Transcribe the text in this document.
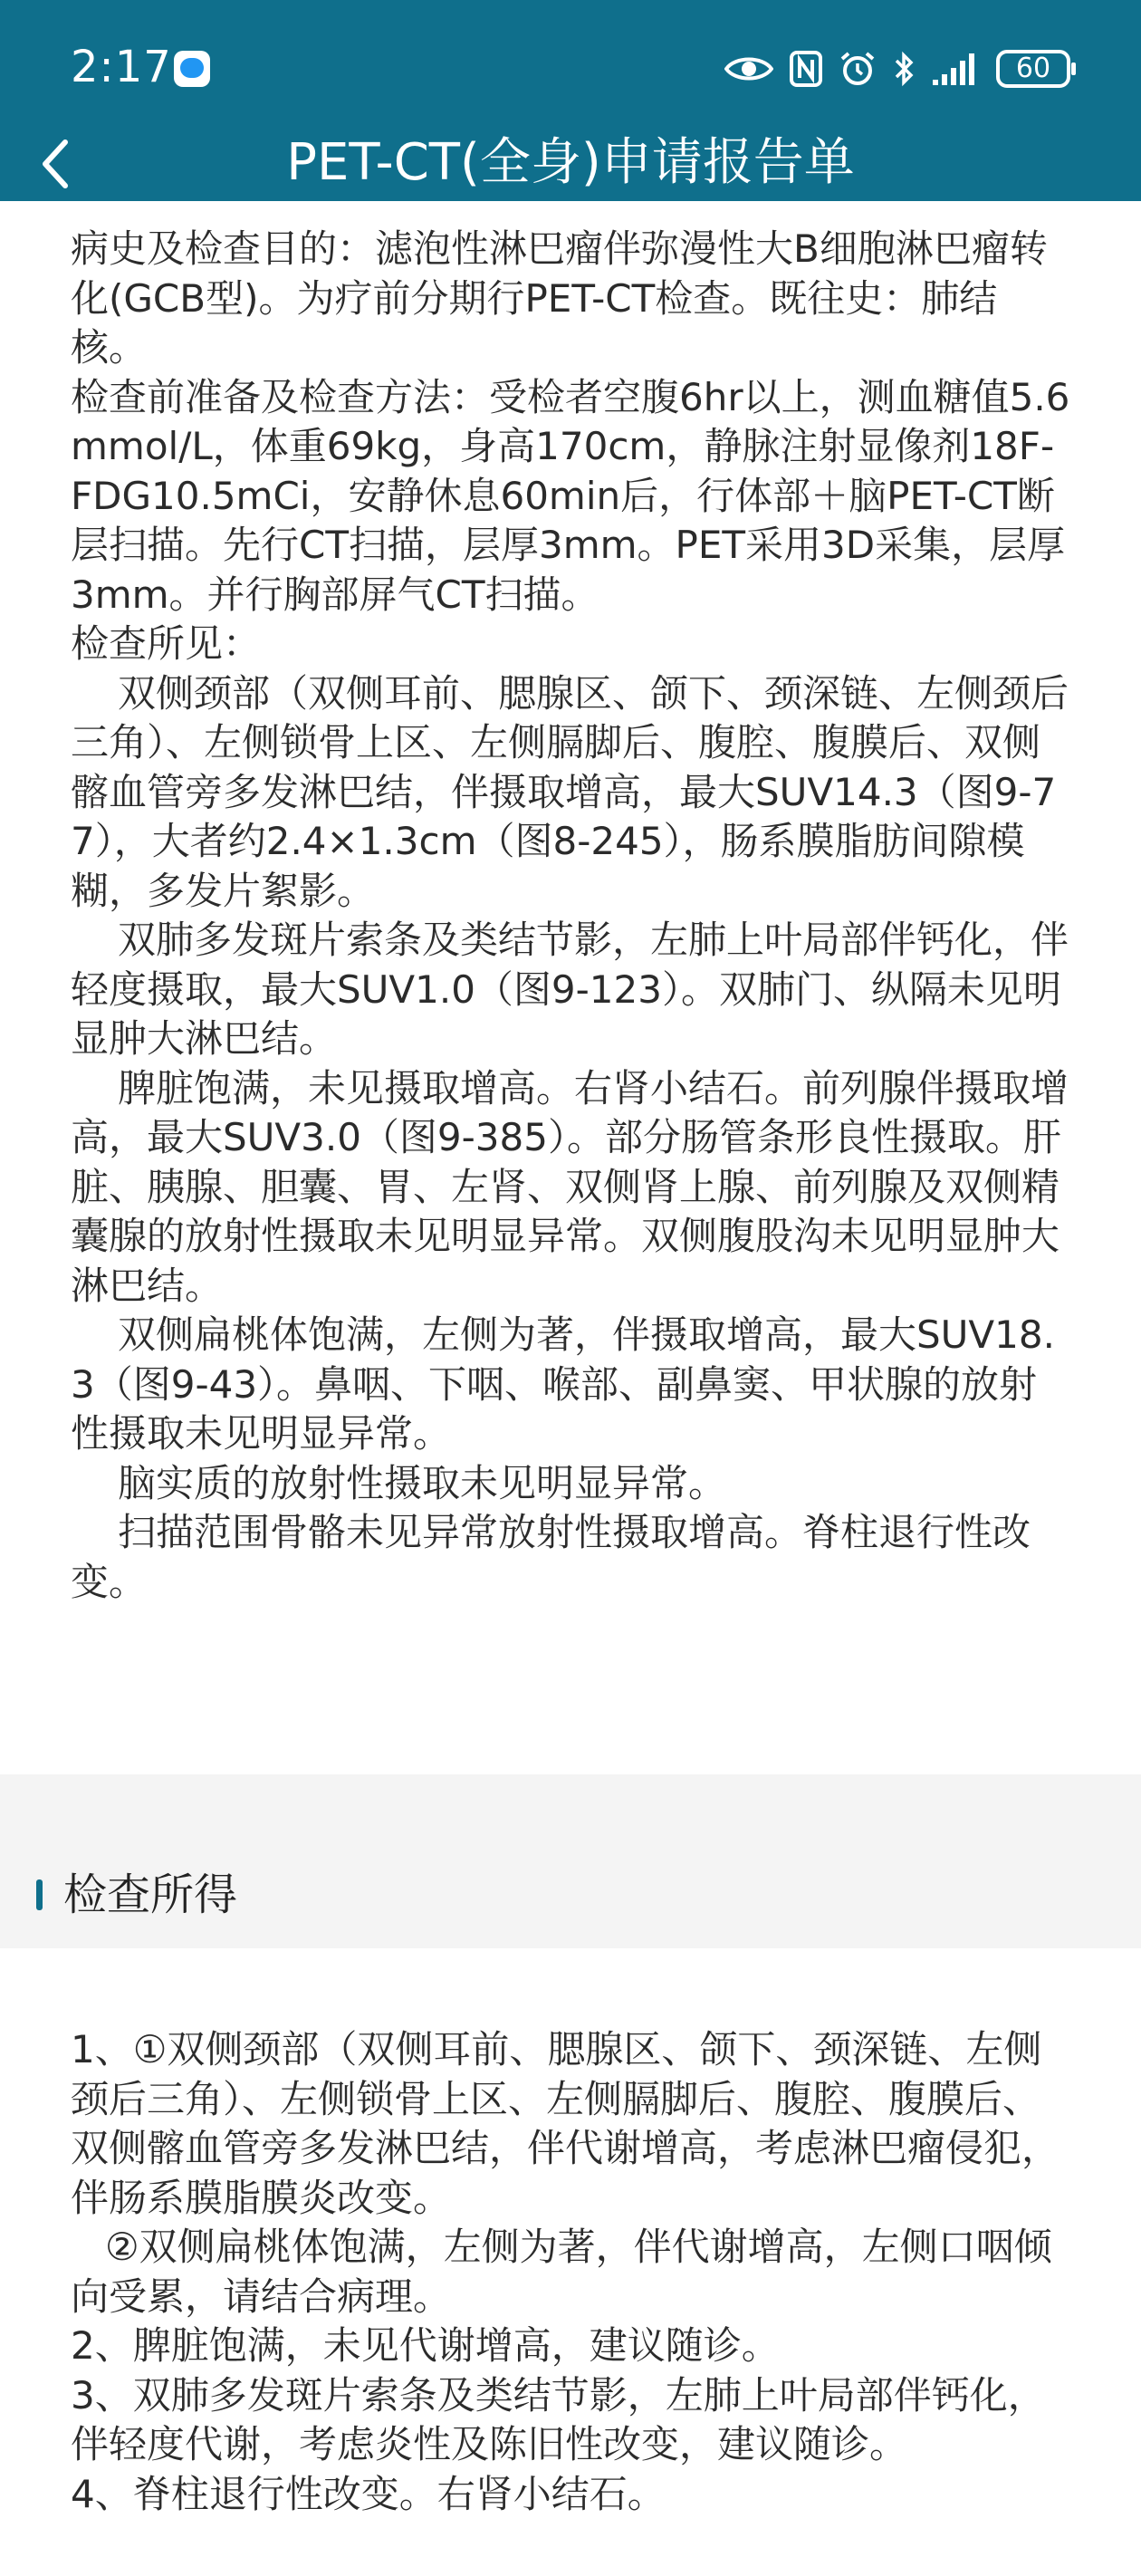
2:17	60
PET-CT(全身)申请报告单

病史及检查目的：滤泡性淋巴瘤伴弥漫性大B细胞淋巴瘤转化(GCB型)。为疗前分期行PET-CT检查。既往史：肺结核。

检查前准备及检查方法：受检者空腹6hr以上，测血糖值5.6mmol/L，体重69kg，身高170cm，静脉注射显像剂18F-FDG10.5mCi，安静休息60min后，行体部＋脑PET-CT断层扫描。先行CT扫描，层厚3mm。PET采用3D采集，层厚3mm。并行胸部屏气CT扫描。

检查所见：

双侧颈部（双侧耳前、腮腺区、颌下、颈深链、左侧颈后三角）、左侧锁骨上区、左侧膈脚后、腹腔、腹膜后、双侧髂血管旁多发淋巴结，伴摄取增高，最大SUV14.3（图9-77），大者约2.4×1.3cm（图8-245），肠系膜脂肪间隙模糊，多发片絮影。

双肺多发斑片索条及类结节影，左肺上叶局部伴钙化，伴轻度摄取，最大SUV1.0（图9-123）。双肺门、纵隔未见明显肿大淋巴结。

脾脏饱满，未见摄取增高。右肾小结石。前列腺伴摄取增高，最大SUV3.0（图9-385）。部分肠管条形良性摄取。肝脏、胰腺、胆囊、胃、左肾、双侧肾上腺、前列腺及双侧精囊腺的放射性摄取未见明显异常。双侧腹股沟未见明显肿大淋巴结。

双侧扁桃体饱满，左侧为著，伴摄取增高，最大SUV18.3（图9-43）。鼻咽、下咽、喉部、副鼻窦、甲状腺的放射性摄取未见明显异常。

脑实质的放射性摄取未见明显异常。

扫描范围骨骼未见异常放射性摄取增高。脊柱退行性改变。

检查所得

1、①双侧颈部（双侧耳前、腮腺区、颌下、颈深链、左侧颈后三角）、左侧锁骨上区、左侧膈脚后、腹腔、腹膜后、双侧髂血管旁多发淋巴结，伴代谢增高，考虑淋巴瘤侵犯，伴肠系膜脂膜炎改变。

②双侧扁桃体饱满，左侧为著，伴代谢增高，左侧口咽倾向受累，请结合病理。

2、脾脏饱满，未见代谢增高，建议随诊。

3、双肺多发斑片索条及类结节影，左肺上叶局部伴钙化，伴轻度代谢，考虑炎性及陈旧性改变，建议随诊。

4、脊柱退行性改变。右肾小结石。
